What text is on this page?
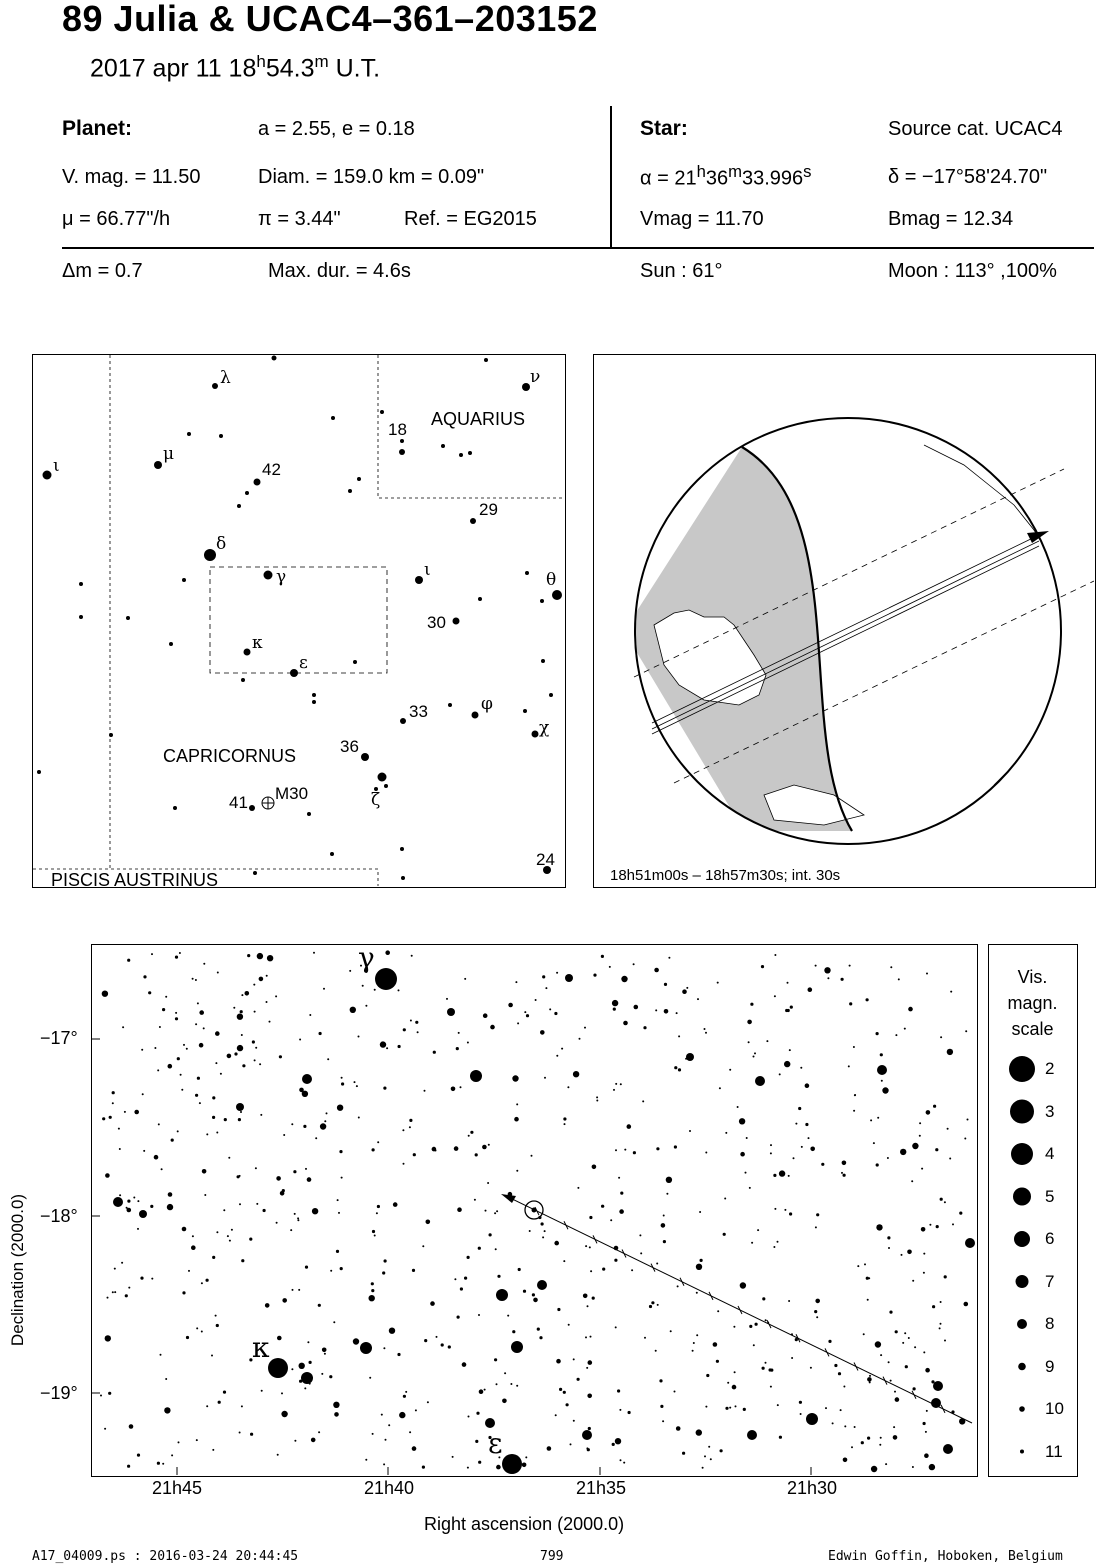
89 Julia & UCAC4–361–203152
2017 apr 11 18$^h$54.3$^m$ U.T.
Planet:	a = 2.55, e = 0.18
V. mag. = 11.50	Diam. = 159.0 km = 0.09"
μ = 66.77"/h	π = 3.44"	Ref. = EG2015
Star:	Source cat. UCAC4
$\alpha = 21^h36^m33.996^s$	δ = −17°58'24.70"
Vmag = 11.70	Bmag = 12.34
Δm = 0.7	Max. dur. = 4.6s	Sun : 61°	Moon : 113° ,100%
AQUARIUS
CAPRICORNUS
PISCIS AUSTRINUS
λ	ν
18
ι
μ
42
29
δ
γ	ι	θ
30
κ
ε
33	φ
χ
36
ζ
41 M30
24
18h51m00s – 18h57m30s; int. 30s
Declination (2000.0)
Right ascension (2000.0)
−17°
−18°
−19°
21h45	21h40	21h35	21h30
γ
κ
ε
Vis.
magn.
scale
2
3
4
5
6
7
8
9
10
11
A17_04009.ps : 2016-03-24 20:44:45	799	Edwin Goffin, Hoboken, Belgium
